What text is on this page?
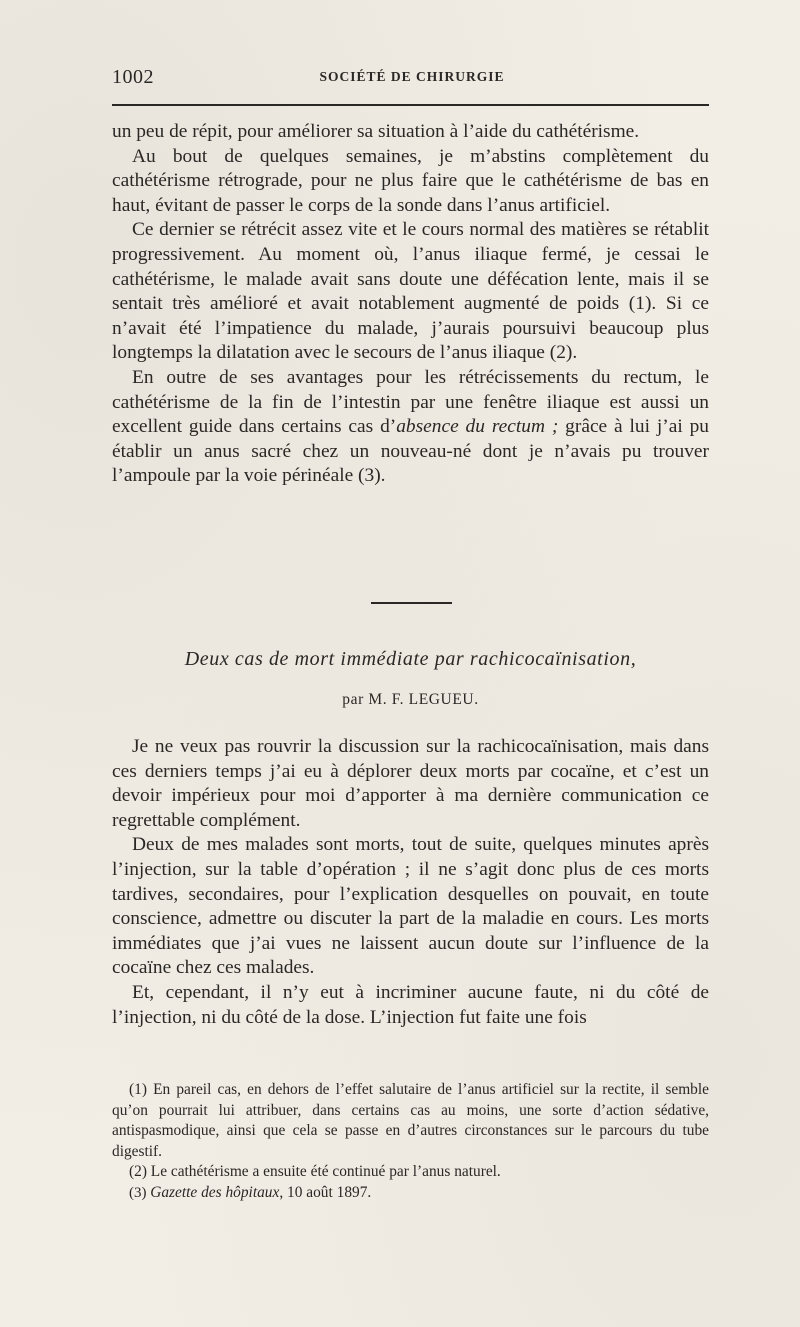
1002	SOCIÉTÉ DE CHIRURGIE

un peu de répit, pour améliorer sa situation à l’aide du cathétérisme.

Au bout de quelques semaines, je m’abstins complètement du cathétérisme rétrograde, pour ne plus faire que le cathétérisme de bas en haut, évitant de passer le corps de la sonde dans l’anus artificiel.

Ce dernier se rétrécit assez vite et le cours normal des matières se rétablit progressivement. Au moment où, l’anus iliaque fermé, je cessai le cathétérisme, le malade avait sans doute une défécation lente, mais il se sentait très amélioré et avait notablement augmenté de poids (1). Si ce n’avait été l’impatience du malade, j’aurais poursuivi beaucoup plus longtemps la dilatation avec le secours de l’anus iliaque (2).

En outre de ses avantages pour les rétrécissements du rectum, le cathétérisme de la fin de l’intestin par une fenêtre iliaque est aussi un excellent guide dans certains cas d’absence du rectum ; grâce à lui j’ai pu établir un anus sacré chez un nouveau-né dont je n’avais pu trouver l’ampoule par la voie périnéale (3).

Deux cas de mort immédiate par rachicocaïnisation,
par M. F. LEGUEU.

Je ne veux pas rouvrir la discussion sur la rachicocaïnisation, mais dans ces derniers temps j’ai eu à déplorer deux morts par cocaïne, et c’est un devoir impérieux pour moi d’apporter à ma dernière communication ce regrettable complément.

Deux de mes malades sont morts, tout de suite, quelques minutes après l’injection, sur la table d’opération ; il ne s’agit donc plus de ces morts tardives, secondaires, pour l’explication desquelles on pouvait, en toute conscience, admettre ou discuter la part de la maladie en cours. Les morts immédiates que j’ai vues ne laissent aucun doute sur l’influence de la cocaïne chez ces malades.

Et, cependant, il n’y eut à incriminer aucune faute, ni du côté de l’injection, ni du côté de la dose. L’injection fut faite une fois

(1) En pareil cas, en dehors de l’effet salutaire de l’anus artificiel sur la rectite, il semble qu’on pourrait lui attribuer, dans certains cas au moins, une sorte d’action sédative, antispasmodique, ainsi que cela se passe en d’autres circonstances sur le parcours du tube digestif.

(2) Le cathétérisme a ensuite été continué par l’anus naturel.

(3) Gazette des hôpitaux, 10 août 1897.
